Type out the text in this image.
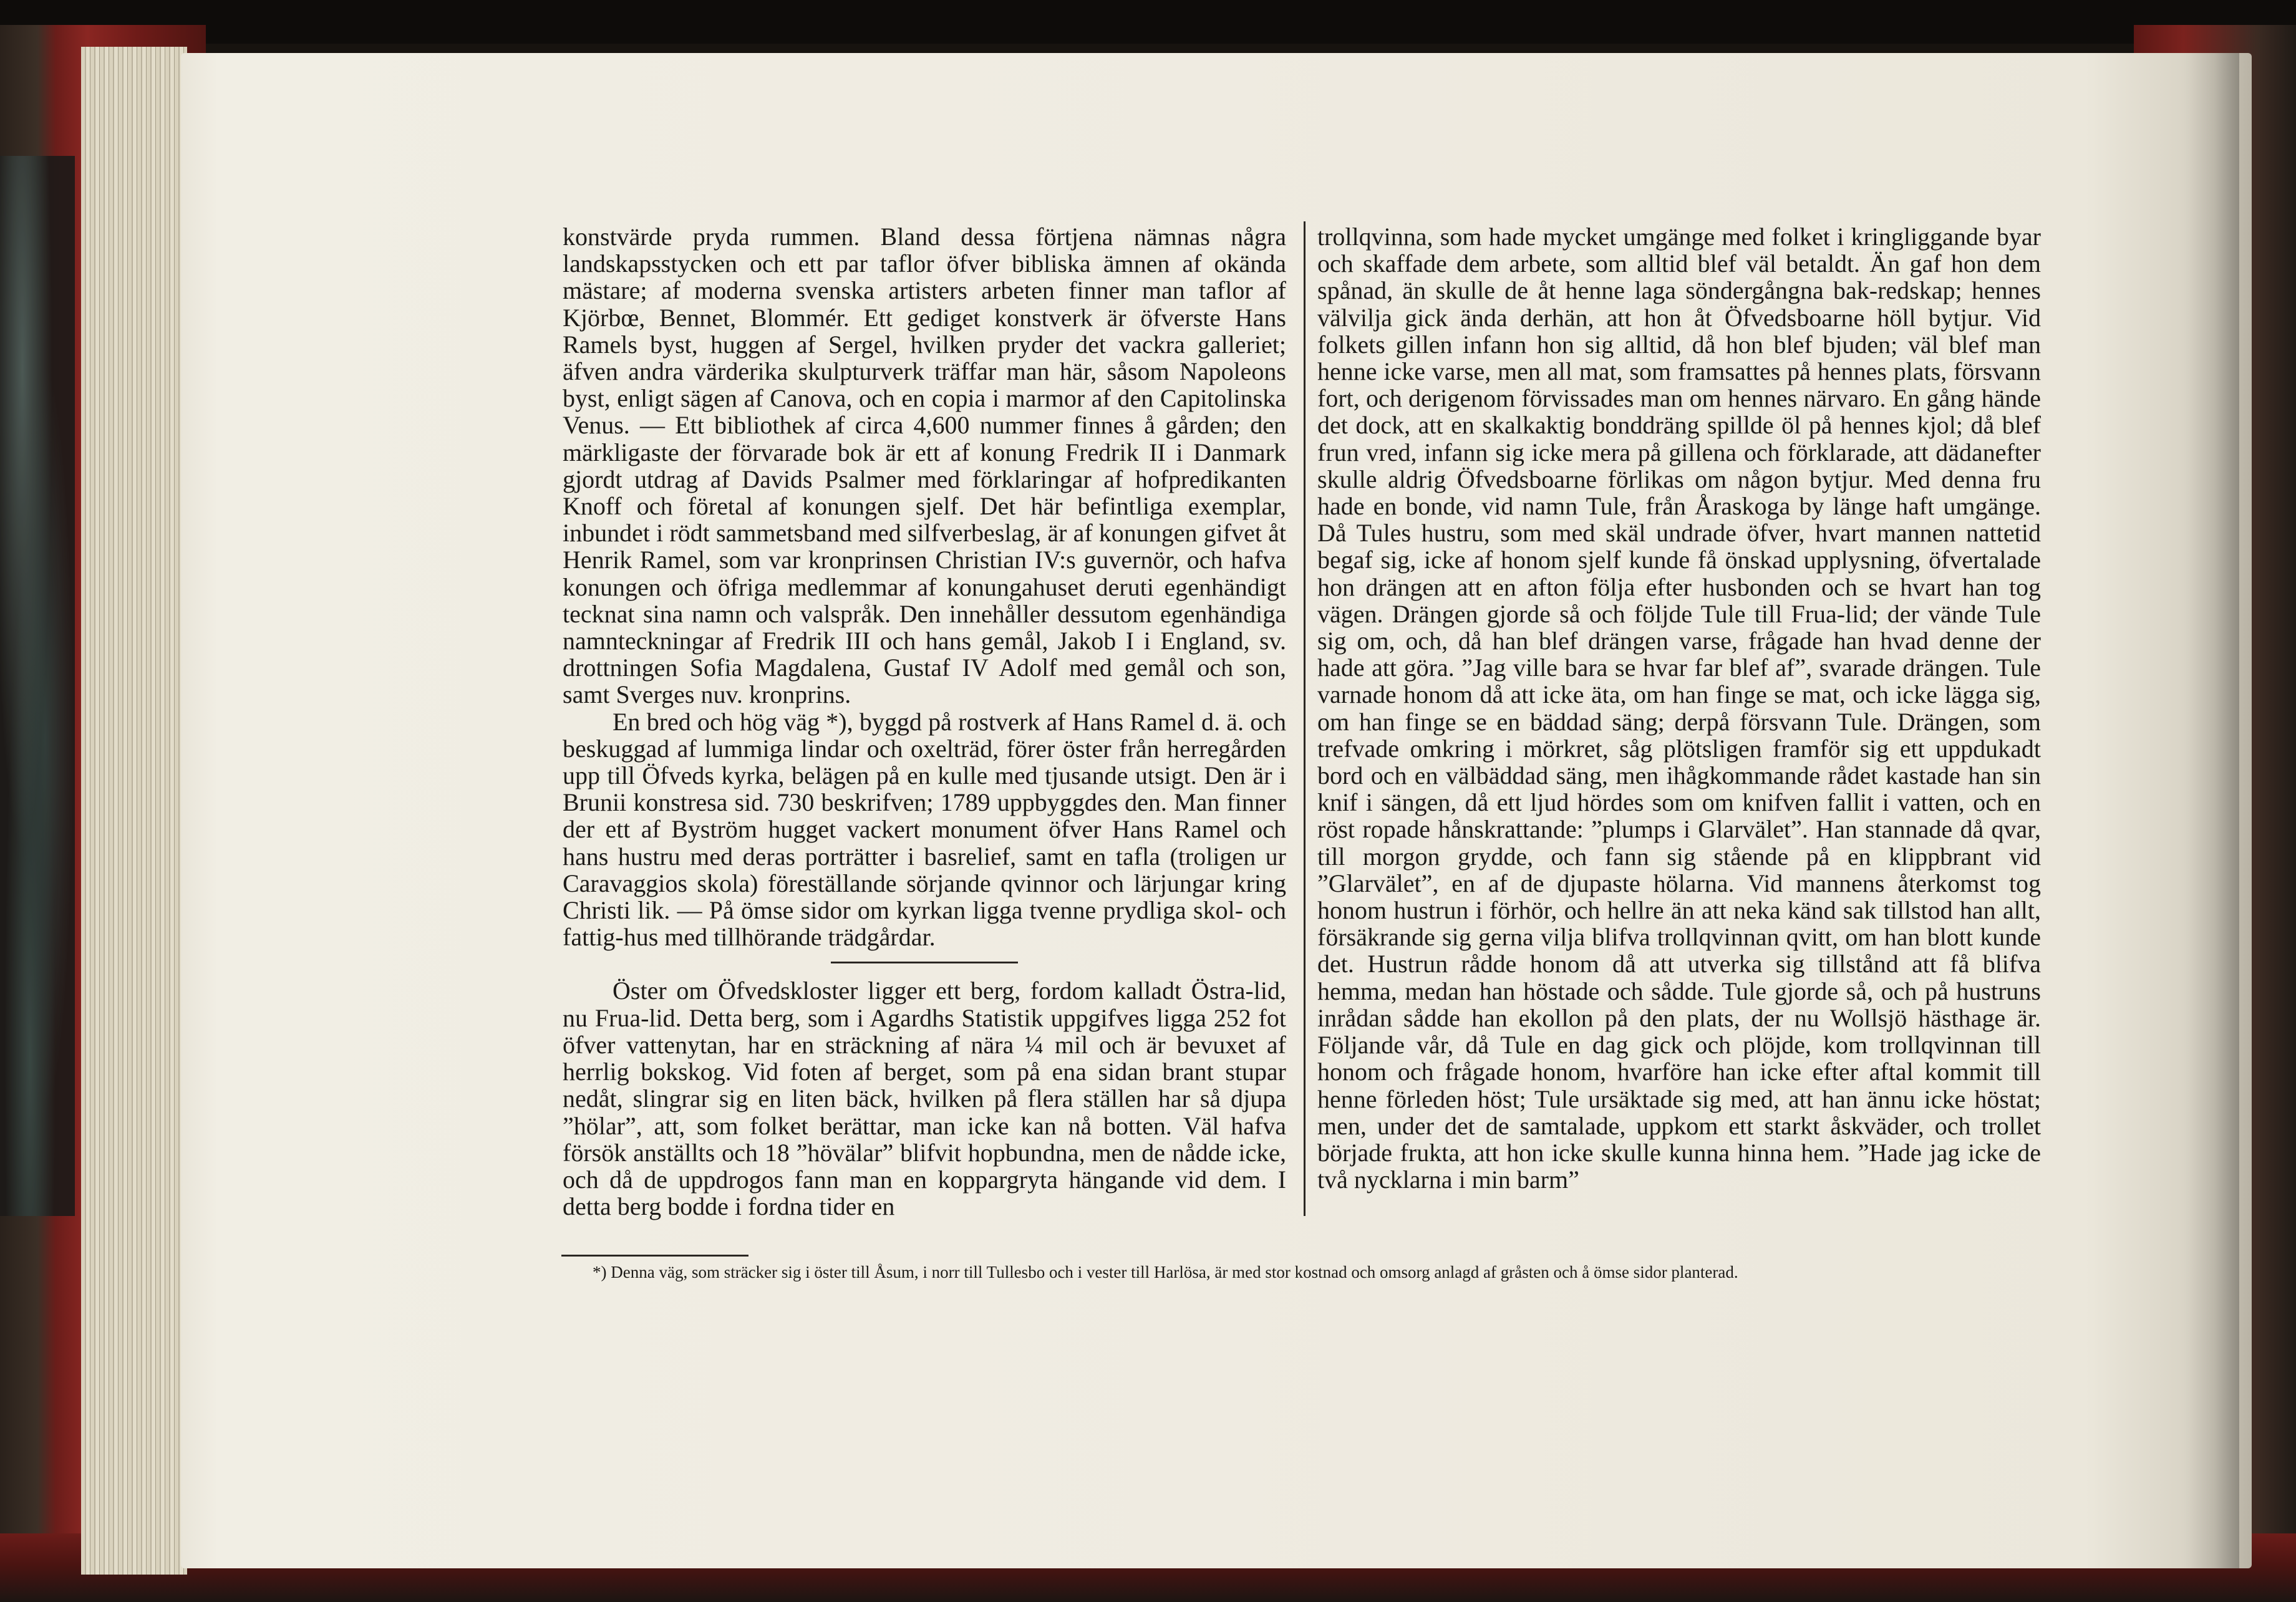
konstvärde pryda rummen. Bland dessa förtjena nämnas några landskapsstycken och ett par taflor öfver bibliska ämnen af okända mästare; af moderna svenska artisters arbeten finner man taflor af Kjörbœ, Bennet, Blommér. Ett gediget konstverk är öfverste Hans Ramels byst, huggen af Sergel, hvilken pryder det vackra galleriet; äfven andra värderika skulpturverk träffar man här, såsom Napoleons byst, enligt sägen af Canova, och en copia i marmor af den Capitolinska Venus. — Ett bibliothek af circa 4,600 nummer finnes å gården; den märkligaste der förvarade bok är ett af konung Fredrik II i Danmark gjordt utdrag af Davids Psalmer med förklaringar af hofpredikanten Knoff och företal af konungen sjelf. Det här befintliga exemplar, inbundet i rödt sammetsband med silfverbeslag, är af konungen gifvet åt Henrik Ramel, som var kronprinsen Christian IV:s guvernör, och hafva konungen och öfriga medlemmar af konungahuset deruti egenhändigt tecknat sina namn och valspråk. Den innehåller dessutom egenhändiga namnteckningar af Fredrik III och hans gemål, Jakob I i England, sv. drottningen Sofia Magdalena, Gustaf IV Adolf med gemål och son, samt Sverges nuv. kronprins.

En bred och hög väg *), byggd på rostverk af Hans Ramel d. ä. och beskuggad af lummiga lindar och oxelträd, förer öster från herregården upp till Öfveds kyrka, belägen på en kulle med tjusande utsigt. Den är i Brunii konstresa sid. 730 beskrifven; 1789 uppbyggdes den. Man finner der ett af Byström hugget vackert monument öfver Hans Ramel och hans hustru med deras porträtter i basrelief, samt en tafla (troligen ur Caravaggios skola) föreställande sörjande qvinnor och lärjungar kring Christi lik. — På ömse sidor om kyrkan ligga tvenne prydliga skol- och fattig-hus med tillhörande trädgårdar.

Öster om Öfvedskloster ligger ett berg, fordom kalladt Östra-lid, nu Frua-lid. Detta berg, som i Agardhs Statistik uppgifves ligga 252 fot öfver vattenytan, har en sträckning af nära ¼ mil och är bevuxet af herrlig bokskog. Vid foten af berget, som på ena sidan brant stupar nedåt, slingrar sig en liten bäck, hvilken på flera ställen har så djupa ”hölar”, att, som folket berättar, man icke kan nå botten. Väl hafva försök anställts och 18 ”hövälar” blifvit hopbundna, men de nådde icke, och då de uppdrogos fann man en koppargryta hängande vid dem. I detta berg bodde i fordna tider en

trollqvinna, som hade mycket umgänge med folket i kringliggande byar och skaffade dem arbete, som alltid blef väl betaldt. Än gaf hon dem spånad, än skulle de åt henne laga söndergångna bak-redskap; hennes välvilja gick ända derhän, att hon åt Öfvedsboarne höll bytjur. Vid folkets gillen infann hon sig alltid, då hon blef bjuden; väl blef man henne icke varse, men all mat, som framsattes på hennes plats, försvann fort, och derigenom förvissades man om hennes närvaro. En gång hände det dock, att en skalkaktig bonddräng spillde öl på hennes kjol; då blef frun vred, infann sig icke mera på gillena och förklarade, att dädanefter skulle aldrig Öfvedsboarne förlikas om någon bytjur. Med denna fru hade en bonde, vid namn Tule, från Åraskoga by länge haft umgänge. Då Tules hustru, som med skäl undrade öfver, hvart mannen nattetid begaf sig, icke af honom sjelf kunde få önskad upplysning, öfvertalade hon drängen att en afton följa efter husbonden och se hvart han tog vägen. Drängen gjorde så och följde Tule till Frua-lid; der vände Tule sig om, och, då han blef drängen varse, frågade han hvad denne der hade att göra. ”Jag ville bara se hvar far blef af”, svarade drängen. Tule varnade honom då att icke äta, om han finge se mat, och icke lägga sig, om han finge se en bäddad säng; derpå försvann Tule. Drängen, som trefvade omkring i mörkret, såg plötsligen framför sig ett uppdukadt bord och en välbäddad säng, men ihågkommande rådet kastade han sin knif i sängen, då ett ljud hördes som om knifven fallit i vatten, och en röst ropade hånskrattande: ”plumps i Glarvälet”. Han stannade då qvar, till morgon grydde, och fann sig stående på en klippbrant vid ”Glarvälet”, en af de djupaste hölarna. Vid mannens återkomst tog honom hustrun i förhör, och hellre än att neka känd sak tillstod han allt, försäkrande sig gerna vilja blifva trollqvinnan qvitt, om han blott kunde det. Hustrun rådde honom då att utverka sig tillstånd att få blifva hemma, medan han höstade och sådde. Tule gjorde så, och på hustruns inrådan sådde han ekollon på den plats, der nu Wollsjö hästhage är. Följande vår, då Tule en dag gick och plöjde, kom trollqvinnan till honom och frågade honom, hvarföre han icke efter aftal kommit till henne förleden höst; Tule ursäktade sig med, att han ännu icke höstat; men, under det de samtalade, uppkom ett starkt åskväder, och trollet började frukta, att hon icke skulle kunna hinna hem. ”Hade jag icke de två nycklarna i min barm”

*) Denna väg, som sträcker sig i öster till Åsum, i norr till Tullesbo och i vester till Harlösa, är med stor kostnad och omsorg anlagd af gråsten och å ömse sidor planterad.
